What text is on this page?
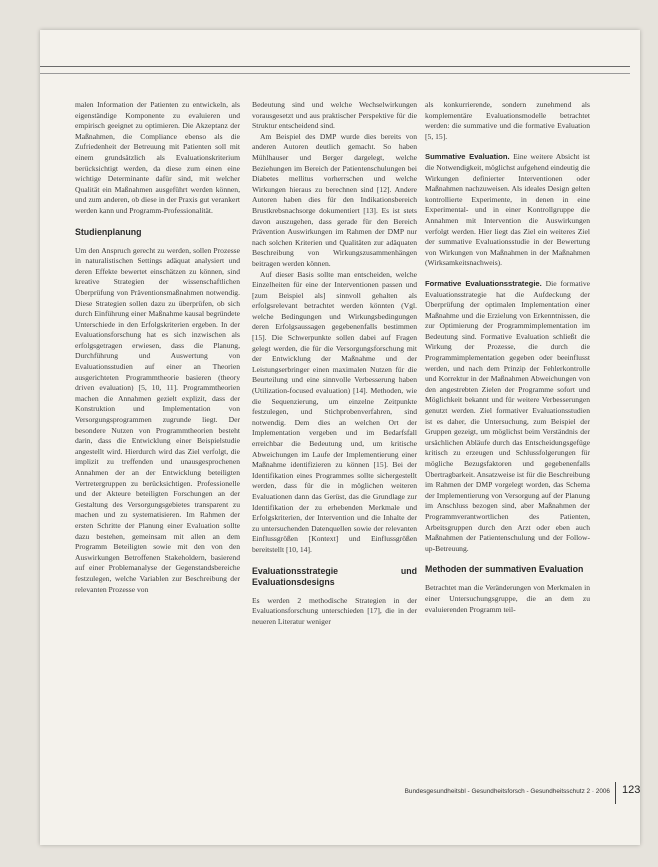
malen Information der Patienten zu entwickeln, als eigenständige Komponente zu evaluieren und empirisch geeignet zu optimieren. Die Akzeptanz der Maßnahmen, die Compliance ebenso als die Zufriedenheit der Betreuung mit Patienten soll mit einem grundsätzlich als Evaluationskriterium berücksichtigt werden, da diese zum einen eine wichtige Determinante dafür sind, mit welcher Qualität ein Maßnahmen ausgeführt werden können, und zum anderen, ob diese in der Praxis gut verankert werden kann und Programm-Professionalität.

Studienplanung

Um den Anspruch gerecht zu werden, sollen Prozesse in naturalistischen Settings adäquat analysiert und deren Effekte bewertet einschätzen zu können, sind kreative Strategien der wissenschaftlichen Überprüfung von Präventionsmaßnahmen notwendig. Diese Strategien sollen dazu zu überprüfen, ob sich durch Einführung einer Maßnahme kausal begründete Unterschiede in den Erfolgskriterien ergeben. In der Evaluationsforschung hat es sich inzwischen als erfolgsgetragen erwiesen, dass die Planung, Durchführung und Auswertung von Evaluationsstudien auf einer an Theorien ausgerichteten Programmtheorie basieren (theory driven evaluation) [5, 10, 11]. Programmtheorien machen die Annahmen gezielt explizit, dass der Konstruktion und Implementation von Versorgungsprogrammen zugrunde liegt. Der besondere Nutzen von Programmtheorien besteht darin, dass die Entwicklung einer Beispielstudie angestellt wird. Hierdurch wird das Ziel verfolgt, die implizit zu treffenden und unausgesprochenen Annahmen der an der Entwicklung beteiligten Vertretergruppen zu berücksichtigen. Professionelle und der Akteure beteiligten Forschungen an der Gestaltung des Versorgungsgebietes transparent zu machen und zu systematisieren. Im Rahmen der ersten Schritte der Planung einer Evaluation sollte dazu bestehen, gemeinsam mit allen an dem Programm Beteiligten sowie mit den von den Auswirkungen Betroffenen Stakeholdern, basierend auf einer Problemanalyse der Gegenstandsbereiche festzulegen, welche Variablen zur Beschreibung der relevanten Prozesse von

Bedeutung sind und welche Wechselwirkungen vorausgesetzt und aus praktischer Perspektive für die Struktur entscheidend sind.

Am Beispiel des DMP wurde dies bereits von anderen Autoren deutlich gemacht. So haben Mühlhauser und Berger dargelegt, welche Beziehungen im Bereich der Patientenschulungen bei Diabetes mellitus vorherrschen und welche Wirkungen hieraus zu berechnen sind [12]. Andere Autoren haben dies für den Indikationsbereich Brustkrebsnachsorge dokumentiert [13]. Es ist stets davon auszugehen, dass gerade für den Bereich Prävention Auswirkungen im Rahmen der DMP nur nach solchen Kriterien und Qualitäten zur adäquaten Beschreibung von Wirkungszusammenhängen beitragen werden können.

Auf dieser Basis sollte man entscheiden, welche Einzelheiten für eine der Interventionen passen und [zum Beispiel als] sinnvoll gehalten als erfolgsrelevant betrachtet werden könnten (Vgl. welche Bedingungen und Wirkungsbedingungen deren Erfolgsaussagen gegebenenfalls bestimmen [15]. Die Schwerpunkte sollen dabei auf Fragen gelegt werden, die für die Versorgungsforschung mit der Entwicklung der Maßnahme und der Leistungserbringer einen maximalen Nutzen für die Beurteilung und eine sinnvolle Verbesserung haben (Utilization-focused evaluation) [14]. Methoden, wie die Sequenzierung, um einzelne Zeitpunkte festzulegen, und Stichprobenverfahren, sind notwendig. Dem dies an welchen Ort der Implementation vergeben und im Bedarfsfall erreichbar die Bedeutung und, um kritische Abweichungen im Laufe der Implementierung einer Maßnahme identifizieren zu können [15]. Bei der Identifikation eines Programmes sollte sichergestellt werden, dass für die in möglichen weiteren Evaluationen dann das Gerüst, das die Grundlage zur Identifikation der zu erhebenden Merkmale und Erfolgskriterien, der Intervention und die Inhalte der zu untersuchenden Datenquellen sowie der relevanten Einflussgrößen [Kontext] und Einflussgrößen bereitstellt [10, 14].

Evaluationsstrategie und Evaluationsdesigns

Es werden 2 methodische Strategien in der Evaluationsforschung unterschieden [17], die in der neueren Literatur weniger

als konkurrierende, sondern zunehmend als komplementäre Evaluationsmodelle betrachtet werden: die summative und die formative Evaluation [5, 15].

Summative Evaluation. Eine weitere Absicht ist die Notwendigkeit, möglichst aufgehend eindeutig die Wirkungen definierter Interventionen oder Maßnahmen nachzuweisen. Als ideales Design gelten kontrollierte Experimente, in denen in eine Experimental- und in einer Kontrollgruppe die Annahmen mit Intervention die Auswirkungen verfolgt werden. Hier liegt das Ziel ein weiteres Ziel der summative Evaluationsstudie in der Bewertung von Wirkungen von Maßnahmen in der Maßnahmen (Wirksamkeitsnachweis).

Formative Evaluationsstrategie. Die formative Evaluationsstrategie hat die Aufdeckung der Überprüfung der optimalen Implementation einer Maßnahme und die Erzielung von Erkenntnissen, die zur Optimierung der Programmimplementation im Bedeutung sind. Formative Evaluation schließt die Wirkung der Prozesse, die durch die Programmimplementation gegeben oder beeinflusst werden, und nach dem Prinzip der Fehlerkontrolle und Korrektur in der Maßnahmen Abweichungen von den angestrebten Zielen der Programme sofort und Möglichkeit bekannt und für weitere Verbesserungen genutzt werden. Ziel formativer Evaluationsstudien ist es daher, die Untersuchung, zum Beispiel der Gruppen gezeigt, um möglichst beim Verständnis der ursächlichen Abläufe durch das Entscheidungsgefüge kritisch zu erzeugen und Schlussfolgerungen für mögliche Bezugsfaktoren und gegebenenfalls Übertragbarkeit. Ansatzweise ist für die Beschreibung im Rahmen der DMP vorgelegt worden, das Schema der Implementierung von Versorgung auf der Planung im Anschluss bezogen sind, aber Maßnahmen der Programmverantwortlichen des Patienten, Arbeitsgruppen durch den Arzt oder eben auch Maßnahmen der Patientenschulung und der Follow-up-Betreuung.

Methoden der summativen Evaluation

Betrachtet man die Veränderungen von Merkmalen in einer Untersuchungsgruppe, die an dem zu evaluierenden Programm teil-

Bundesgesundheitsbl - Gesundheitsforsch - Gesundheitsschutz 2 · 2006 123
